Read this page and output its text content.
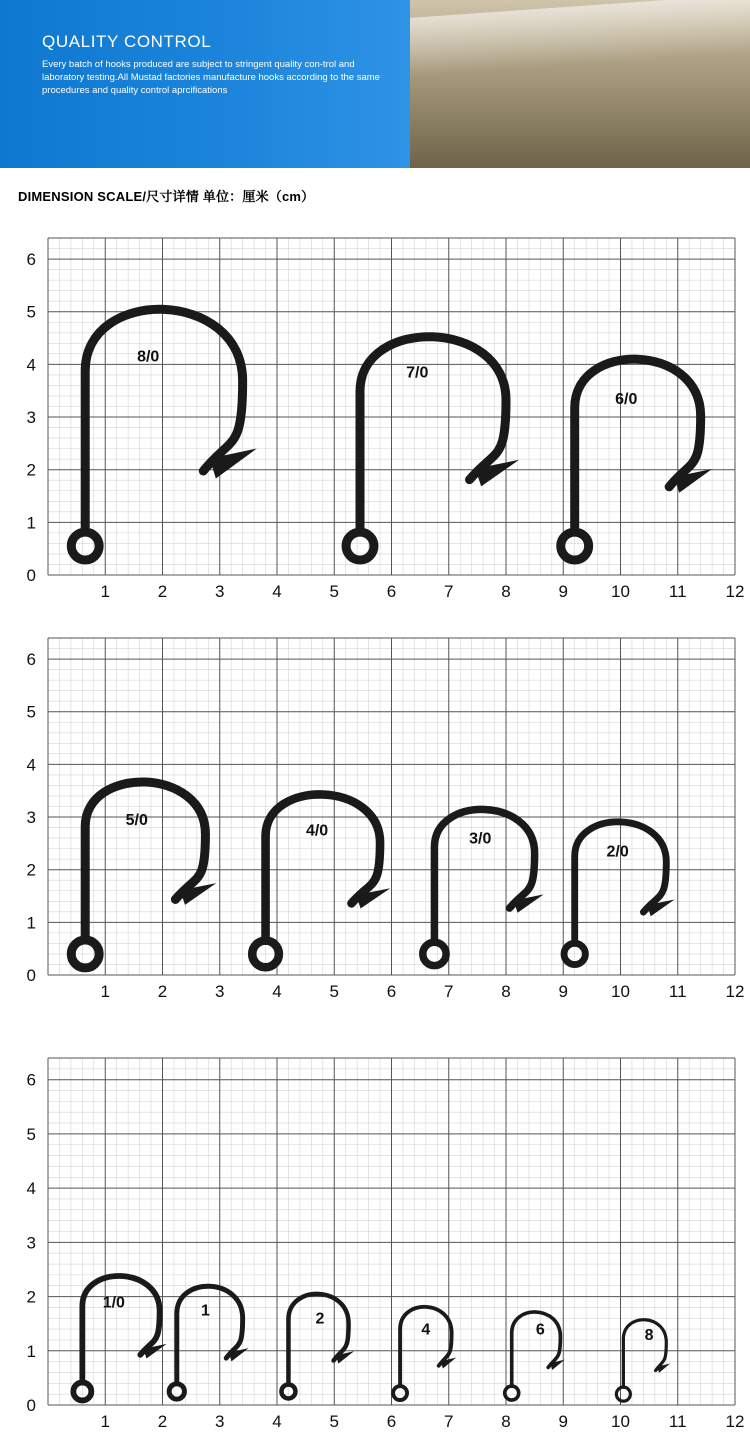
QUALITY CONTROL
Every batch of hooks produced are subject to stringent quality con-trol and laboratory testing.All Mustad factories manufacture hooks according to the same procedures and quality control aprcifications
DIMENSION SCALE/尺寸详情 单位：厘米（cm）
1	2	3	4	5	6	7	8	9	10 11 12
0
1
2
3
4
5
6
8/0
7/0
6/0
1	2	3	4	5	6	7	8	9	10 11 12
0
1
2
3
4
5
6
5/0
4/0	3/0
2/0
1	2	3	4	5	6	7	8	9	10 11 12
0
1
2
3
4
5
6
1/0	1	2
4	6	8
